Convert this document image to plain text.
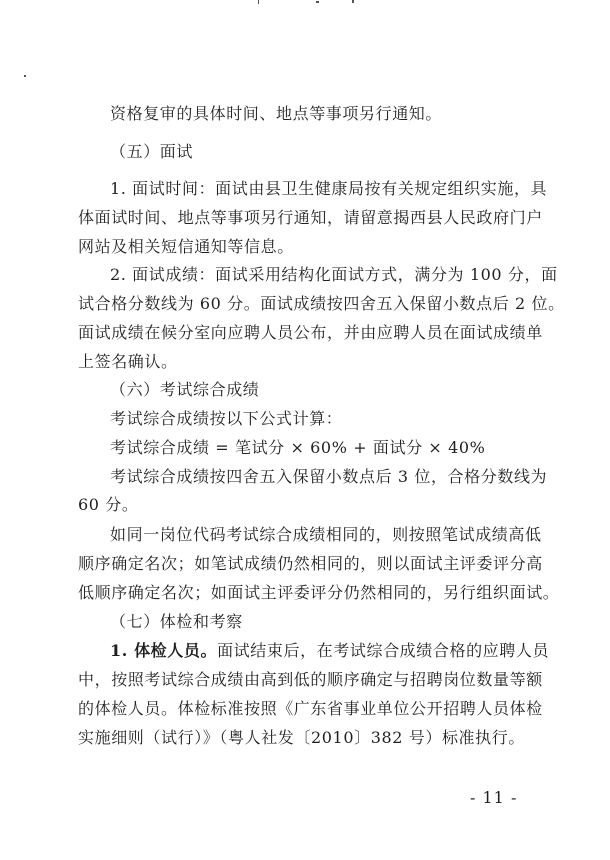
资格复审的具体时间、地点等事项另行通知。
（五）面试
1. 面试时间：面试由县卫生健康局按有关规定组织实施，具
体面试时间、地点等事项另行通知，请留意揭西县人民政府门户
网站及相关短信通知等信息。
2. 面试成绩：面试采用结构化面试方式，满分为 100 分，面
试合格分数线为 60 分。面试成绩按四舍五入保留小数点后 2 位。
面试成绩在候分室向应聘人员公布，并由应聘人员在面试成绩单
上签名确认。
（六）考试综合成绩
考试综合成绩按以下公式计算：
考试综合成绩 = 笔试分 × 60% + 面试分 × 40%
考试综合成绩按四舍五入保留小数点后 3 位，合格分数线为
60 分。
如同一岗位代码考试综合成绩相同的，则按照笔试成绩高低
顺序确定名次；如笔试成绩仍然相同的，则以面试主评委评分高
低顺序确定名次；如面试主评委评分仍然相同的，另行组织面试。
（七）体检和考察
1. 体检人员。面试结束后，在考试综合成绩合格的应聘人员
中，按照考试综合成绩由高到低的顺序确定与招聘岗位数量等额
的体检人员。体检标准按照《广东省事业单位公开招聘人员体检
实施细则（试行）》（粤人社发〔2010〕382 号）标准执行。
- 11 -
